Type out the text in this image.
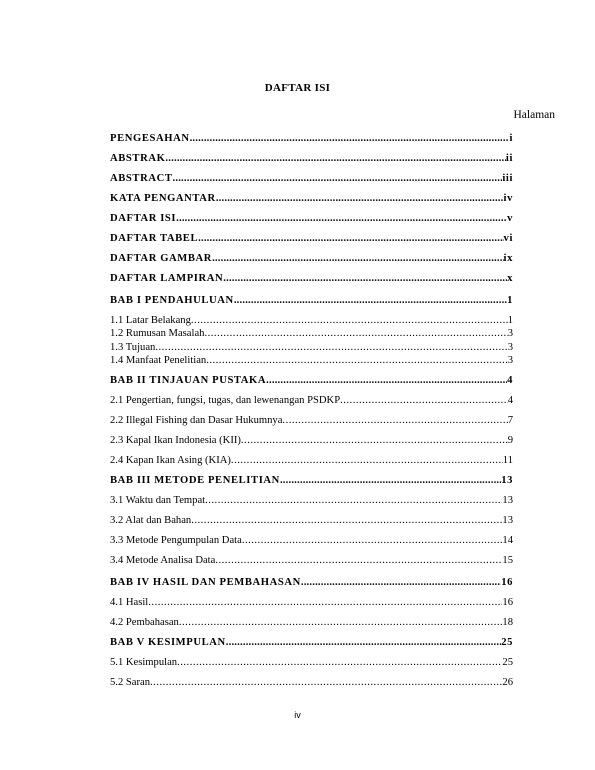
DAFTAR ISI
Halaman
PENGESAHAN .....	i
ABSTRAK .....	ii
ABSTRACT .....	iii
KATA PENGANTAR .....	iv
DAFTAR ISI .....	v
DAFTAR TABEL .....	vi
DAFTAR GAMBAR .....	ix
DAFTAR LAMPIRAN .....	x
BAB I PENDAHULUAN .....	1
1.1 Latar Belakang .....	1
1.2 Rumusan Masalah .....	3
1.3 Tujuan .....	3
1.4 Manfaat Penelitian .....	3
BAB II TINJAUAN PUSTAKA .....	4
2.1 Pengertian, fungsi, tugas, dan lewenangan PSDKP .....	4
2.2 Illegal Fishing dan Dasar Hukumnya .....	7
2.3 Kapal Ikan Indonesia (KII) .....	9
2.4 Kapan Ikan Asing (KIA) .....	11
BAB III METODE PENELITIAN .....	13
3.1 Waktu dan Tempat .....	13
3.2 Alat dan Bahan .....	13
3.3 Metode Pengumpulan Data .....	14
3.4 Metode Analisa Data .....	15
BAB IV HASIL DAN PEMBAHASAN .....	16
4.1 Hasil .....	16
4.2 Pembahasan .....	18
BAB V KESIMPULAN .....	25
5.1 Kesimpulan .....	25
5.2 Saran .....	26
iv
